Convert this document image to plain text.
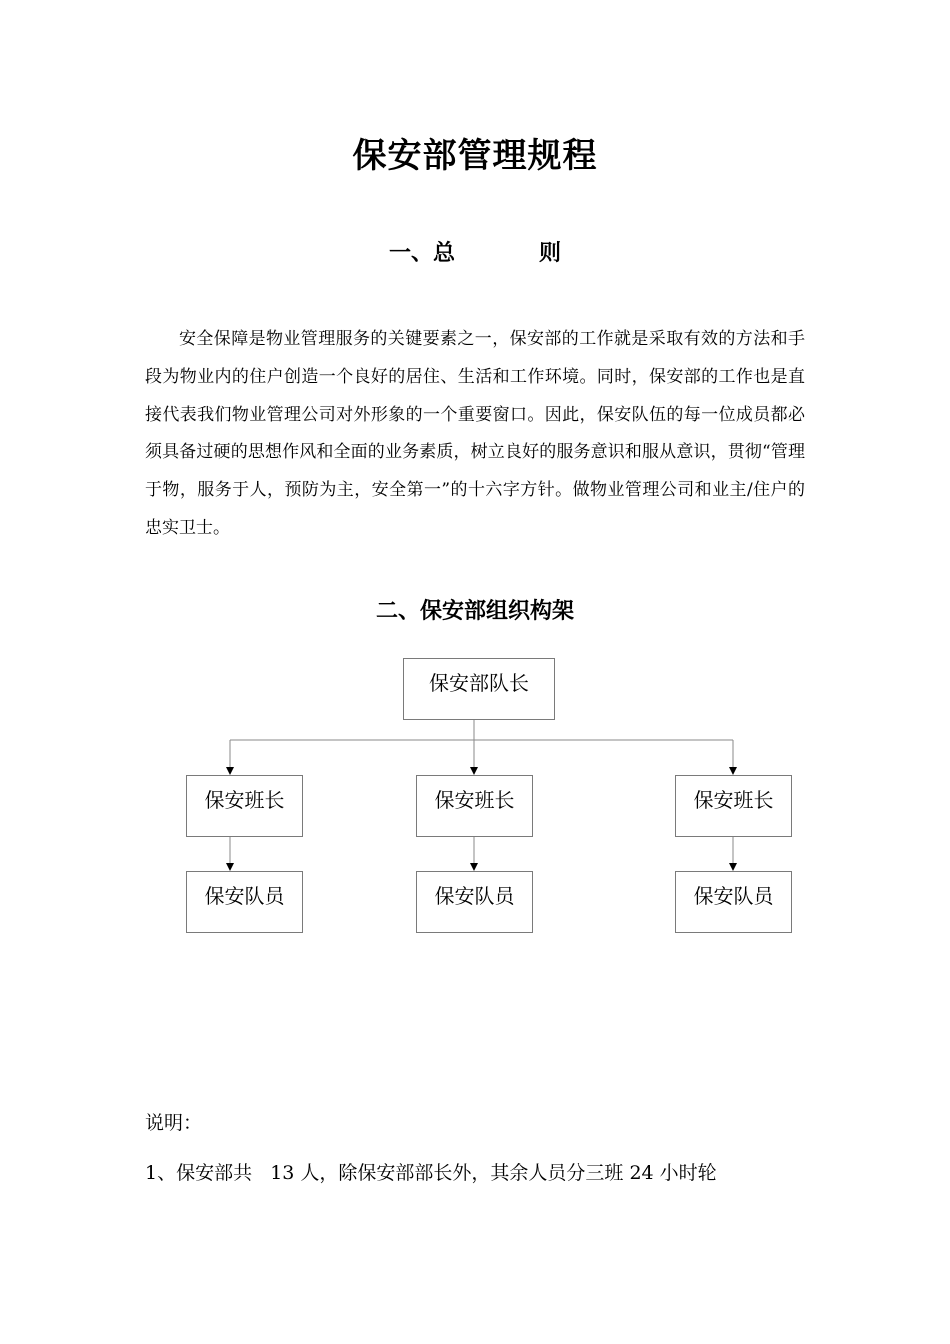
保安部管理规程
一、总	则

安全保障是物业管理服务的关键要素之一，保安部的工作就是采取有效的方法和手段为物业内的住户创造一个良好的居住、生活和工作环境。同时，保安部的工作也是直接代表我们物业管理公司对外形象的一个重要窗口。因此，保安队伍的每一位成员都必须具备过硬的思想作风和全面的业务素质，树立良好的服务意识和服从意识，贯彻“管理于物，服务于人，预防为主，安全第一”的十六字方针。做物业管理公司和业主/住户的忠实卫士。

二、保安部组织构架
保安部队长
保安班长	保安班长	保安班长
保安队员	保安队员	保安队员

说明：

1、保安部共   13 人，除保安部部长外，其余人员分三班 24 小时轮
